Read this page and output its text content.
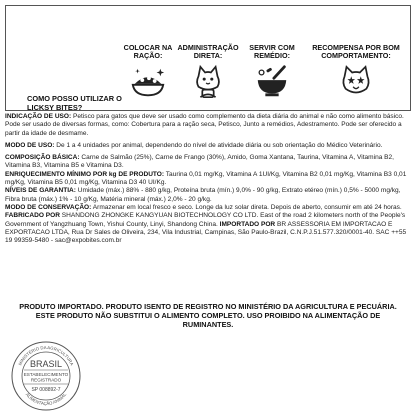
COMO POSSO UTILIZAR O LICKSY BITES?
COLOCAR NA RAÇÃO:
ADMINISTRAÇÃO DIRETA:
SERVIR COM REMÉDIO:
RECOMPENSA POR BOM COMPORTAMENTO:

INDICAÇÃO DE USO: Petisco para gatos que deve ser usado como complemento da dieta diária do animal e não como alimento básico. Pode ser usado de diversas formas, como: Cobertura para a ração seca, Petisco, Junto a remédios, Adestramento. Pode ser oferecido a partir da idade de desmame.

MODO DE USO: De 1 a 4 unidades por animal, dependendo do nível de atividade diária ou sob orientação do Médico Veterinário.

COMPOSIÇÃO BÁSICA: Carne de Salmão (25%), Carne de Frango (30%), Amido, Goma Xantana, Taurina, Vitamina A, Vitamina B2, Vitamina B3, Vitamina B5 e Vitamina D3.
ENRIQUECIMENTO MÍNIMO POR kg DE PRODUTO: Taurina 0,01 mg/Kg, Vitamina A 1UI/Kg, Vitamina B2 0,01 mg/Kg, Vitamina B3 0,01 mg/Kg, Vitamina B5 0,01 mg/Kg, Vitamina D3 40 UI/Kg.
NÍVEIS DE GARANTIA: Umidade (máx.) 88% - 880 g/kg, Proteína bruta (mín.) 9,0% - 90 g/kg, Extrato etéreo (mín.) 0,5% - 5000 mg/kg, Fibra bruta (máx.) 1% - 10 g/Kg, Matéria mineral (máx.) 2,0% - 20 g/kg.
MODO DE CONSERVAÇÃO: Armazenar em local fresco e seco. Longe da luz solar direta. Depois de aberto, consumir em até 24 horas.
FABRICADO POR SHANDONG ZHONGKE KANGYUAN BIOTECHNOLOGY CO LTD. East of the road 2 kilometers north of the People's Government of Yangzhuang Town, Yishui County, Linyi, Shandong China. IMPORTADO POR BR ASSESSORIA EM IMPORTACAO E EXPORTACAO LTDA, Rua Dr Sales de Oliveira, 234, Vila Industrial, Campinas, São Paulo-Brazil, C.N.P.J.51.577.320/0001-40. SAC ++55 19 99359-5480 - sac@expobites.com.br

PRODUTO IMPORTADO. PRODUTO ISENTO DE REGISTRO NO MINISTÉRIO DA AGRICULTURA E PECUÁRIA.
ESTE PRODUTO NÃO SUBSTITUI O ALIMENTO COMPLETO. USO PROIBIDO NA ALIMENTAÇÃO DE RUMINANTES.
MINISTÉRIO DA AGRICULTURA
ALIMENTAÇÃO ANIMAL
BRASIL
ESTABELECIMENTO
REGISTRADO
SP 008892-7
